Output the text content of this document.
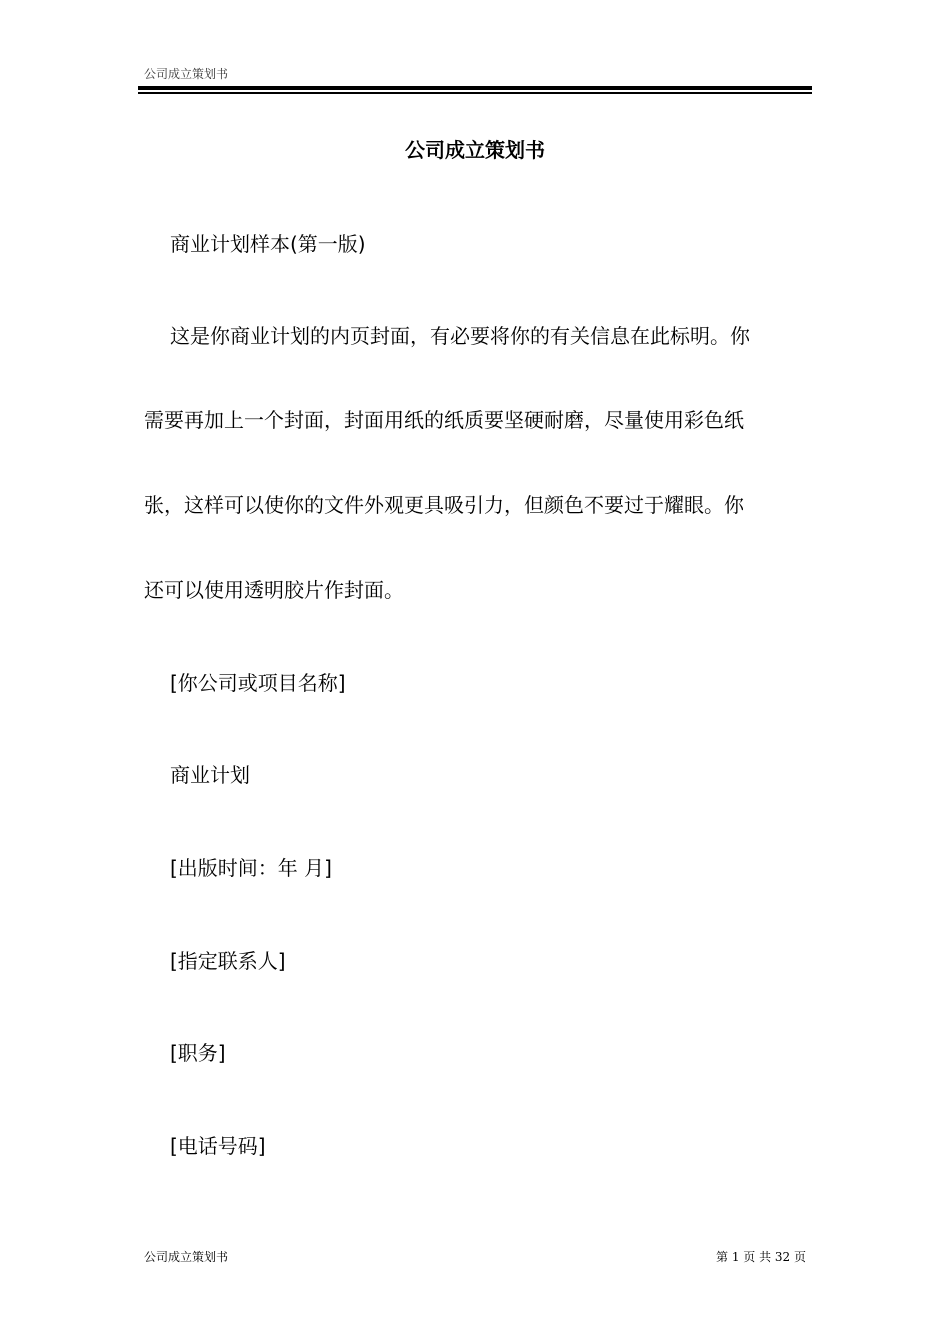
公司成立策划书
公司成立策划书
商业计划样本(第一版)
这是你商业计划的内页封面，有必要将你的有关信息在此标明。你
需要再加上一个封面，封面用纸的纸质要坚硬耐磨，尽量使用彩色纸
张，这样可以使你的文件外观更具吸引力，但颜色不要过于耀眼。你
还可以使用透明胶片作封面。
[你公司或项目名称]
商业计划
[出版时间：年 月]
[指定联系人]
[职务]
[电话号码]
公司成立策划书	第 1 页 共 32 页
